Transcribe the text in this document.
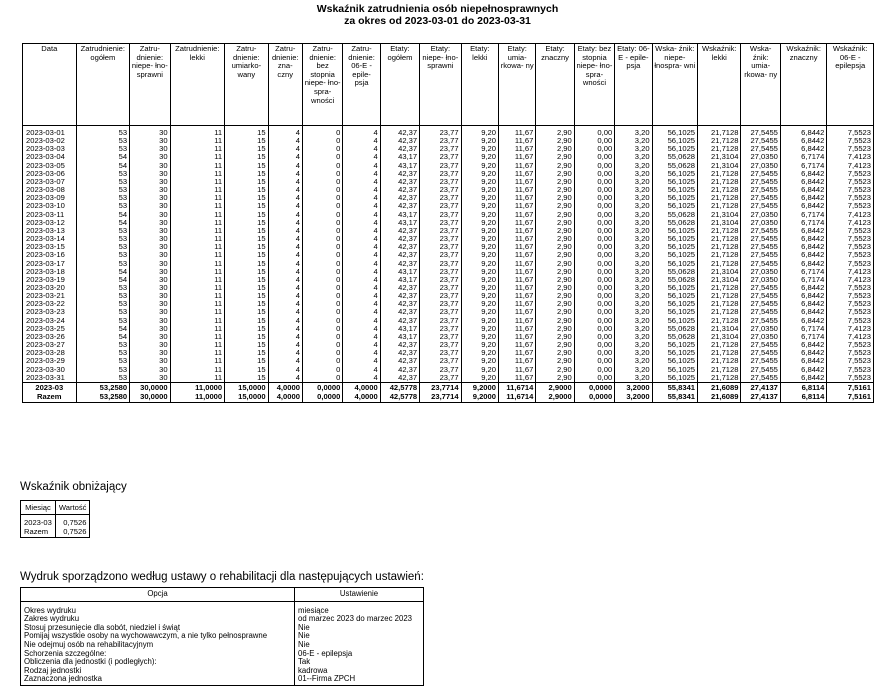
Wskaźnik zatrudnienia osób niepełnosprawnych
za okres od 2023-03-01 do 2023-03-31
Data	Zatrudnienie: ogółem	Zatru- dnienie: niepe- łno- sprawni	Zatrudnienie: lekki	Zatru- dnienie: umiarko- wany	Zatru- dnienie: zna- czny	Zatru- dnienie: bez stopnia niepe- łno- spra- wności	Zatru- dnienie: 06-E - epile- psja	Etaty: ogółem	Etaty: niepe- łno- sprawni	Etaty: lekki	Etaty: umia- rkowa- ny	Etaty: znaczny	Etaty: bez stopnia niepe- łno- spra- wności	Etaty: 06-E - epile- psja	Wska- źnik: niepe- łnospra- wni	Wskaźnik: lekki	Wska- źnik: umia- rkowa- ny	Wskaźnik: znaczny	Wskaźnik: 06-E - epilepsja

2023-03-01	53	30	11	15	4	0	4	42,37	23,77	9,20	11,67	2,90	0,00	3,20	56,1025	21,7128	27,5455	6,8442	7,5523
2023-03-02	53	30	11	15	4	0	4	42,37	23,77	9,20	11,67	2,90	0,00	3,20	56,1025	21,7128	27,5455	6,8442	7,5523
2023-03-03	53	30	11	15	4	0	4	42,37	23,77	9,20	11,67	2,90	0,00	3,20	56,1025	21,7128	27,5455	6,8442	7,5523
2023-03-04	54	30	11	15	4	0	4	43,17	23,77	9,20	11,67	2,90	0,00	3,20	55,0628	21,3104	27,0350	6,7174	7,4123
2023-03-05	54	30	11	15	4	0	4	43,17	23,77	9,20	11,67	2,90	0,00	3,20	55,0628	21,3104	27,0350	6,7174	7,4123
2023-03-06	53	30	11	15	4	0	4	42,37	23,77	9,20	11,67	2,90	0,00	3,20	56,1025	21,7128	27,5455	6,8442	7,5523
2023-03-07	53	30	11	15	4	0	4	42,37	23,77	9,20	11,67	2,90	0,00	3,20	56,1025	21,7128	27,5455	6,8442	7,5523
2023-03-08	53	30	11	15	4	0	4	42,37	23,77	9,20	11,67	2,90	0,00	3,20	56,1025	21,7128	27,5455	6,8442	7,5523
2023-03-09	53	30	11	15	4	0	4	42,37	23,77	9,20	11,67	2,90	0,00	3,20	56,1025	21,7128	27,5455	6,8442	7,5523
2023-03-10	53	30	11	15	4	0	4	42,37	23,77	9,20	11,67	2,90	0,00	3,20	56,1025	21,7128	27,5455	6,8442	7,5523
2023-03-11	54	30	11	15	4	0	4	43,17	23,77	9,20	11,67	2,90	0,00	3,20	55,0628	21,3104	27,0350	6,7174	7,4123
2023-03-12	54	30	11	15	4	0	4	43,17	23,77	9,20	11,67	2,90	0,00	3,20	55,0628	21,3104	27,0350	6,7174	7,4123
2023-03-13	53	30	11	15	4	0	4	42,37	23,77	9,20	11,67	2,90	0,00	3,20	56,1025	21,7128	27,5455	6,8442	7,5523
2023-03-14	53	30	11	15	4	0	4	42,37	23,77	9,20	11,67	2,90	0,00	3,20	56,1025	21,7128	27,5455	6,8442	7,5523
2023-03-15	53	30	11	15	4	0	4	42,37	23,77	9,20	11,67	2,90	0,00	3,20	56,1025	21,7128	27,5455	6,8442	7,5523
2023-03-16	53	30	11	15	4	0	4	42,37	23,77	9,20	11,67	2,90	0,00	3,20	56,1025	21,7128	27,5455	6,8442	7,5523
2023-03-17	53	30	11	15	4	0	4	42,37	23,77	9,20	11,67	2,90	0,00	3,20	56,1025	21,7128	27,5455	6,8442	7,5523
2023-03-18	54	30	11	15	4	0	4	43,17	23,77	9,20	11,67	2,90	0,00	3,20	55,0628	21,3104	27,0350	6,7174	7,4123
2023-03-19	54	30	11	15	4	0	4	43,17	23,77	9,20	11,67	2,90	0,00	3,20	55,0628	21,3104	27,0350	6,7174	7,4123
2023-03-20	53	30	11	15	4	0	4	42,37	23,77	9,20	11,67	2,90	0,00	3,20	56,1025	21,7128	27,5455	6,8442	7,5523
2023-03-21	53	30	11	15	4	0	4	42,37	23,77	9,20	11,67	2,90	0,00	3,20	56,1025	21,7128	27,5455	6,8442	7,5523
2023-03-22	53	30	11	15	4	0	4	42,37	23,77	9,20	11,67	2,90	0,00	3,20	56,1025	21,7128	27,5455	6,8442	7,5523
2023-03-23	53	30	11	15	4	0	4	42,37	23,77	9,20	11,67	2,90	0,00	3,20	56,1025	21,7128	27,5455	6,8442	7,5523
2023-03-24	53	30	11	15	4	0	4	42,37	23,77	9,20	11,67	2,90	0,00	3,20	56,1025	21,7128	27,5455	6,8442	7,5523
2023-03-25	54	30	11	15	4	0	4	43,17	23,77	9,20	11,67	2,90	0,00	3,20	55,0628	21,3104	27,0350	6,7174	7,4123
2023-03-26	54	30	11	15	4	0	4	43,17	23,77	9,20	11,67	2,90	0,00	3,20	55,0628	21,3104	27,0350	6,7174	7,4123
2023-03-27	53	30	11	15	4	0	4	42,37	23,77	9,20	11,67	2,90	0,00	3,20	56,1025	21,7128	27,5455	6,8442	7,5523
2023-03-28	53	30	11	15	4	0	4	42,37	23,77	9,20	11,67	2,90	0,00	3,20	56,1025	21,7128	27,5455	6,8442	7,5523
2023-03-29	53	30	11	15	4	0	4	42,37	23,77	9,20	11,67	2,90	0,00	3,20	56,1025	21,7128	27,5455	6,8442	7,5523
2023-03-30	53	30	11	15	4	0	4	42,37	23,77	9,20	11,67	2,90	0,00	3,20	56,1025	21,7128	27,5455	6,8442	7,5523
2023-03-31	53	30	11	15	4	0	4	42,37	23,77	9,20	11,67	2,90	0,00	3,20	56,1025	21,7128	27,5455	6,8442	7,5523
2023-03	53,2580	30,0000	11,0000	15,0000	4,0000	0,0000	4,0000	42,5778	23,7714	9,2000	11,6714	2,9000	0,0000	3,2000	55,8341	21,6089	27,4137	6,8114	7,5161
Razem	53,2580	30,0000	11,0000	15,0000	4,0000	0,0000	4,0000	42,5778	23,7714	9,2000	11,6714	2,9000	0,0000	3,2000	55,8341	21,6089	27,4137	6,8114	7,5161
Wskaźnik obniżający
Miesiąc	Wartość
2023-03	0,7526
Razem	0,7526
Wydruk sporządzono według ustawy o rehabilitacji dla następujących ustawień:
Opcja	Ustawienie
Okres wydruku	miesiące
Zakres wydruku	od marzec 2023 do marzec 2023
Stosuj przesunięcie dla sobót, niedziel i świąt	Nie
Pomijaj wszystkie osoby na wychowawczym, a nie tylko pełnosprawne	Nie
Nie odejmuj osób na rehabilitacyjnym	Nie
Schorzenia szczególne:	06-E - epilepsja
Obliczenia dla jednostki (i podległych):	Tak
Rodzaj jednostki	kadrowa
Zaznaczona jednostka	01--Firma ZPCH
